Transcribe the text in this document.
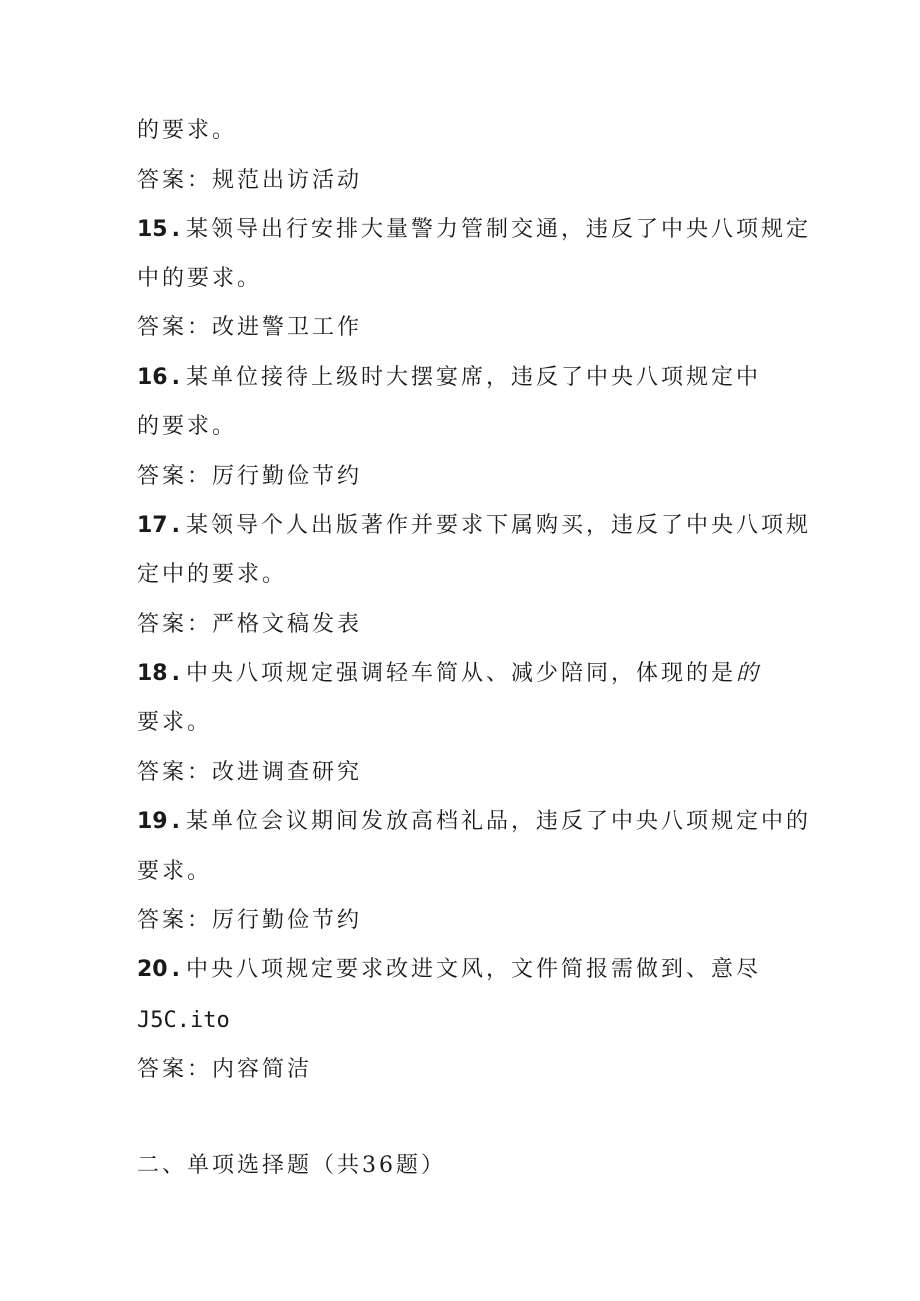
的要求。
答案：规范出访活动
15 . 某领导出行安排大量警力管制交通，违反了中央八项规定
中的要求。
答案：改进警卫工作
16 . 某单位接待上级时大摆宴席，违反了中央八项规定中
的要求。
答案：厉行勤俭节约
17 . 某领导个人出版著作并要求下属购买，违反了中央八项规
定中的要求。
答案：严格文稿发表
18 . 中央八项规定强调轻车简从、减少陪同，体现的是的
要求。
答案：改进调查研究
19 . 某单位会议期间发放高档礼品，违反了中央八项规定中的
要求。
答案：厉行勤俭节约
20 . 中央八项规定要求改进文风，文件简报需做到、意尽
J5C.ito
答案：内容简洁
二、单项选择题（共36题）
